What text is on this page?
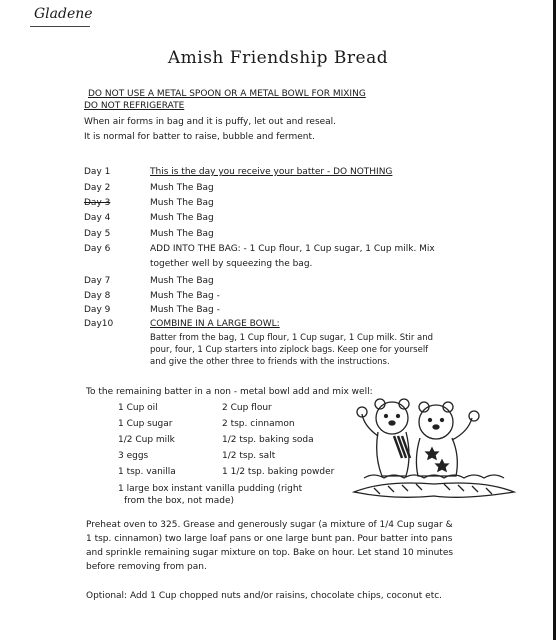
Gladene
Amish Friendship Bread
DO NOT USE A METAL SPOON OR A METAL BOWL FOR MIXING
DO NOT REFRIGERATE
When air forms in bag and it is puffy, let out and reseal.
It is normal for batter to raise, bubble and ferment.
Day 1	This is the day you receive your batter - DO NOTHING
Day 2	Mush The Bag
Day 3	Mush The Bag
Day 4	Mush The Bag
Day 5	Mush The Bag
Day 6	ADD INTO THE BAG: - 1 Cup flour, 1 Cup sugar, 1 Cup milk. Mix
together well by squeezing the bag.
Day 7	Mush The Bag
Day 8	Mush The Bag -
Day 9	Mush The Bag -
Day10	COMBINE IN A LARGE BOWL:
Batter from the bag, 1 Cup flour, 1 Cup sugar, 1 Cup milk. Stir and
pour, four, 1 Cup starters into ziplock bags. Keep one for yourself
and give the other three to friends with the instructions.
To the remaining batter in a non - metal bowl add and mix well:
1 Cup oil	2 Cup flour
1 Cup sugar	2 tsp. cinnamon
1/2 Cup milk	1/2 tsp. baking soda
3 eggs	1/2 tsp. salt
1 tsp. vanilla	1 1/2 tsp. baking powder
1 large box instant vanilla pudding (right
from the box, not made)
Preheat oven to 325. Grease and generously sugar (a mixture of 1/4 Cup sugar &
1 tsp. cinnamon) two large loaf pans or one large bunt pan. Pour batter into pans
and sprinkle remaining sugar mixture on top. Bake on hour. Let stand 10 minutes
before removing from pan.
Optional: Add 1 Cup chopped nuts and/or raisins, chocolate chips, coconut etc.
